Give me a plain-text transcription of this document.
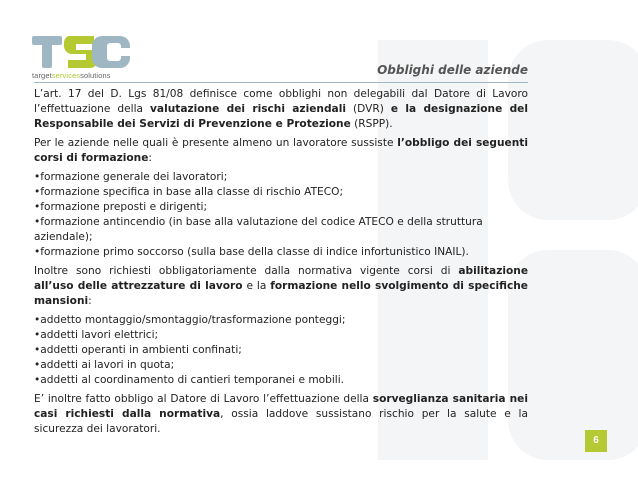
targetservicessolutions	Obblighi delle aziende

L’art. 17 del D. Lgs 81/08 definisce come obblighi non delegabili dal Datore di Lavoro l’effettuazione della valutazione dei rischi aziendali (DVR) e la designazione del Responsabile dei Servizi di Prevenzione e Protezione (RSPP).

Per le aziende nelle quali è presente almeno un lavoratore sussiste l’obbligo dei seguenti corsi di formazione:

•formazione generale dei lavoratori;
•formazione specifica in base alla classe di rischio ATECO;
•formazione preposti e dirigenti;
•formazione antincendio (in base alla valutazione del codice ATECO e della struttura aziendale);
•formazione primo soccorso (sulla base della classe di indice infortunistico INAIL).

Inoltre sono richiesti obbligatoriamente dalla normativa vigente corsi di abilitazione all’uso delle attrezzature di lavoro e la formazione nello svolgimento di specifiche mansioni:

•addetto montaggio/smontaggio/trasformazione ponteggi;
•addetti lavori elettrici;
•addetti operanti in ambienti confinati;
•addetti ai lavori in quota;
•addetti al coordinamento di cantieri temporanei e mobili.

E’ inoltre fatto obbligo al Datore di Lavoro l’effettuazione della sorveglianza sanitaria nei casi richiesti dalla normativa, ossia laddove sussistano rischio per la salute e la sicurezza dei lavoratori.

6
